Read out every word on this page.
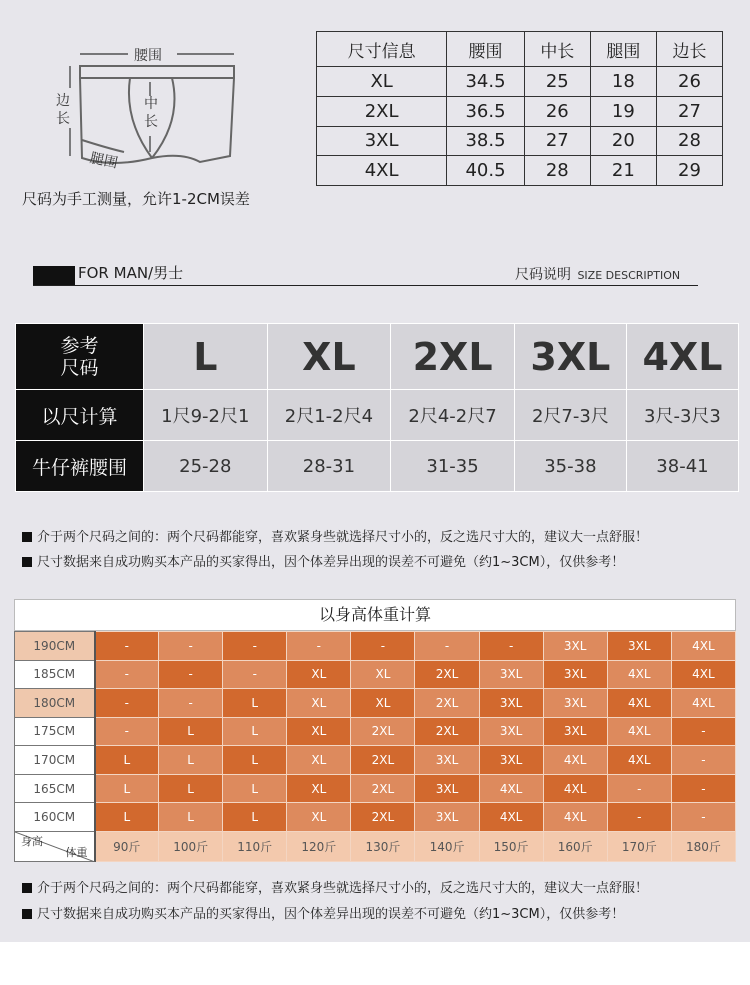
腰围
边长
中长
腿围
尺码为手工测量，允许1-2CM误差
尺寸信息	腰围	中长	腿围	边长
XL	34.5	25	18	26
2XL	36.5	26	19	27
3XL	38.5	27	20	28
4XL	40.5	28	21	29
FOR MAN/男士	尺码说明 SIZE DESCRIPTION
参考
尺码	L	XL	2XL	3XL	4XL
以尺计算	1尺9-2尺1	2尺1-2尺4	2尺4-2尺7	2尺7-3尺	3尺-3尺3
牛仔裤腰围	25-28	28-31	31-35	35-38	38-41
介于两个尺码之间的：两个尺码都能穿，喜欢紧身些就选择尺寸小的，反之选尺寸大的，建议大一点舒服！
尺寸数据来自成功购买本产品的买家得出，因个体差异出现的误差不可避免（约1~3CM），仅供参考！
以身高体重计算
190CM	-	-	-	-	-	-	-	3XL	3XL	4XL
185CM	-	-	-	XL	XL	2XL	3XL	3XL	4XL	4XL
180CM	-	-	L	XL	XL	2XL	3XL	3XL	4XL	4XL
175CM	-	L	L	XL	2XL	2XL	3XL	3XL	4XL	-
170CM	L	L	L	XL	2XL	3XL	3XL	4XL	4XL	-
165CM	L	L	L	XL	2XL	3XL	4XL	4XL	-	-
160CM	L	L	L	XL	2XL	3XL	4XL	4XL	-	-

身高
体重	90斤	100斤	110斤	120斤	130斤	140斤	150斤	160斤	170斤	180斤
介于两个尺码之间的：两个尺码都能穿，喜欢紧身些就选择尺寸小的，反之选尺寸大的，建议大一点舒服！
尺寸数据来自成功购买本产品的买家得出，因个体差异出现的误差不可避免（约1~3CM），仅供参考！
